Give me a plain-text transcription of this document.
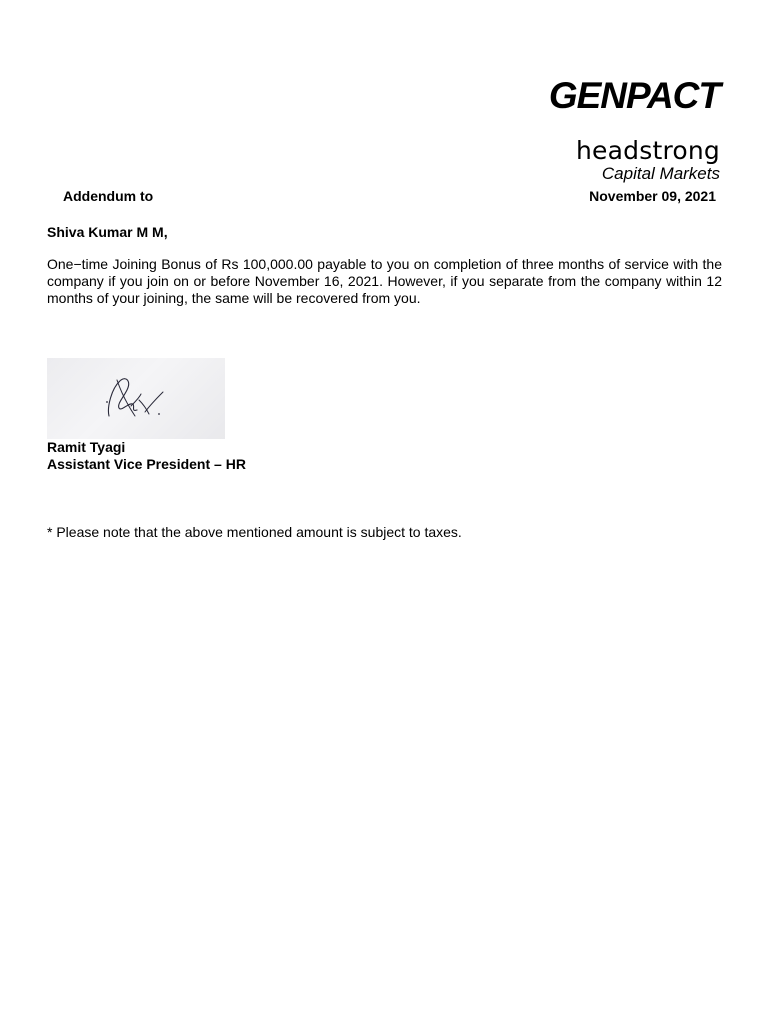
GENPACT
headstrong
Capital Markets
Addendum to	November 09, 2021
Shiva Kumar M M,

One−time Joining Bonus of Rs 100,000.00 payable to you on completion of three months of service with the company if you join on or before November 16, 2021. However, if you separate from the company within 12 months of your joining, the same will be recovered from you.

Ramit Tyagi
Assistant Vice President – HR
* Please note that the above mentioned amount is subject to taxes.
